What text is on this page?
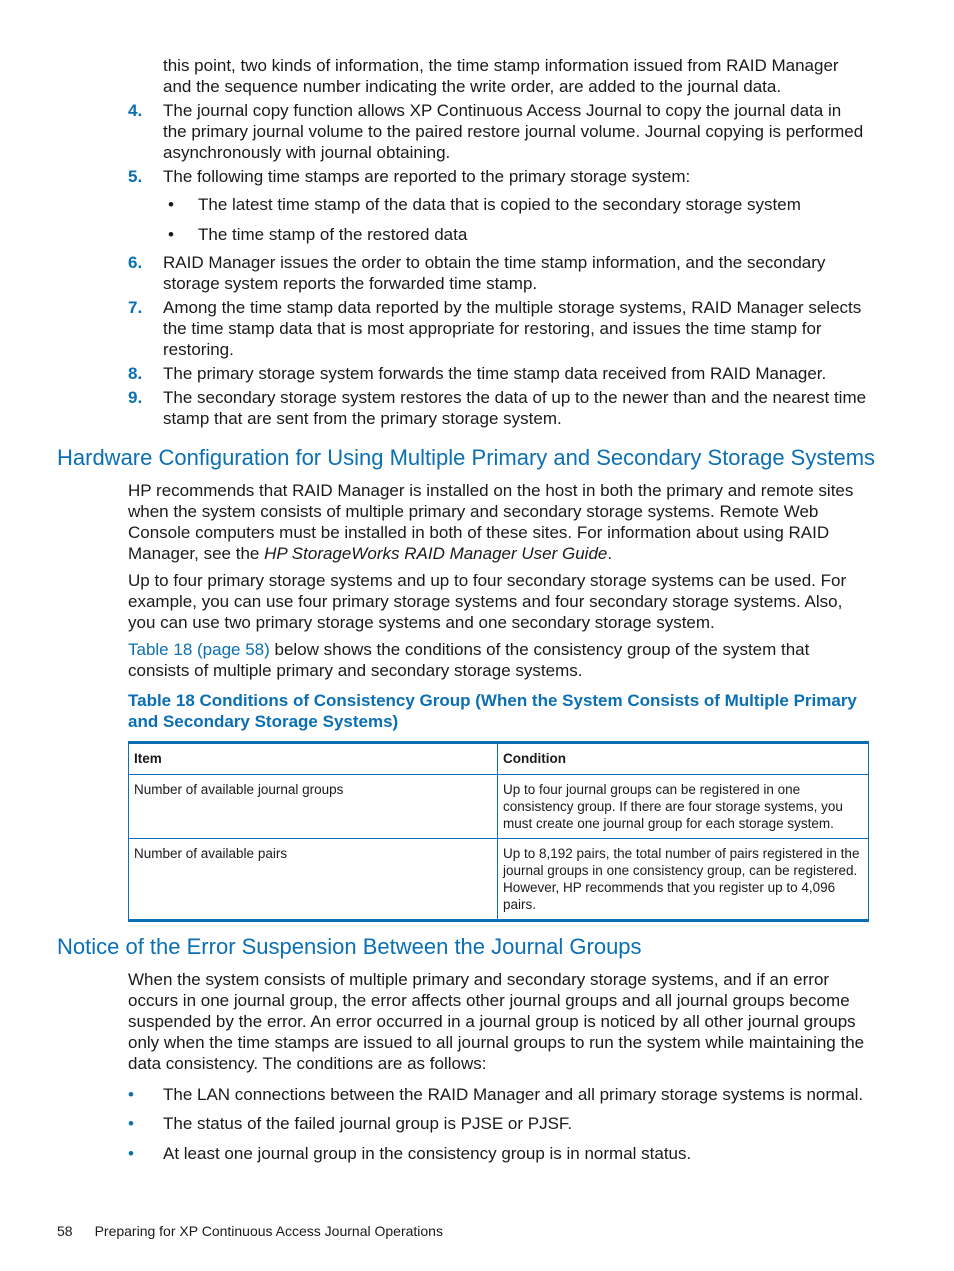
this point, two kinds of information, the time stamp information issued from RAID Manager and the sequence number indicating the write order, are added to the journal data.
4. The journal copy function allows XP Continuous Access Journal to copy the journal data in the primary journal volume to the paired restore journal volume. Journal copying is performed asynchronously with journal obtaining.
5. The following time stamps are reported to the primary storage system:
• The latest time stamp of the data that is copied to the secondary storage system
• The time stamp of the restored data
6. RAID Manager issues the order to obtain the time stamp information, and the secondary storage system reports the forwarded time stamp.
7. Among the time stamp data reported by the multiple storage systems, RAID Manager selects the time stamp data that is most appropriate for restoring, and issues the time stamp for restoring.
8. The primary storage system forwards the time stamp data received from RAID Manager.
9. The secondary storage system restores the data of up to the newer than and the nearest time stamp that are sent from the primary storage system.
Hardware Configuration for Using Multiple Primary and Secondary Storage Systems

HP recommends that RAID Manager is installed on the host in both the primary and remote sites when the system consists of multiple primary and secondary storage systems. Remote Web Console computers must be installed in both of these sites. For information about using RAID Manager, see the HP StorageWorks RAID Manager User Guide.

Up to four primary storage systems and up to four secondary storage systems can be used. For example, you can use four primary storage systems and four secondary storage systems. Also, you can use two primary storage systems and one secondary storage system.

Table 18 (page 58) below shows the conditions of the consistency group of the system that consists of multiple primary and secondary storage systems.

Table 18 Conditions of Consistency Group (When the System Consists of Multiple Primary and Secondary Storage Systems)
Item	Condition
Number of available journal groups	Up to four journal groups can be registered in one consistency group. If there are four storage systems, you must create one journal group for each storage system.
Number of available pairs	Up to 8,192 pairs, the total number of pairs registered in the journal groups in one consistency group, can be registered. However, HP recommends that you register up to 4,096 pairs.
Notice of the Error Suspension Between the Journal Groups

When the system consists of multiple primary and secondary storage systems, and if an error occurs in one journal group, the error affects other journal groups and all journal groups become suspended by the error. An error occurred in a journal group is noticed by all other journal groups only when the time stamps are issued to all journal groups to run the system while maintaining the data consistency. The conditions are as follows:

• The LAN connections between the RAID Manager and all primary storage systems is normal.
• The status of the failed journal group is PJSE or PJSF.
• At least one journal group in the consistency group is in normal status.
58 Preparing for XP Continuous Access Journal Operations
